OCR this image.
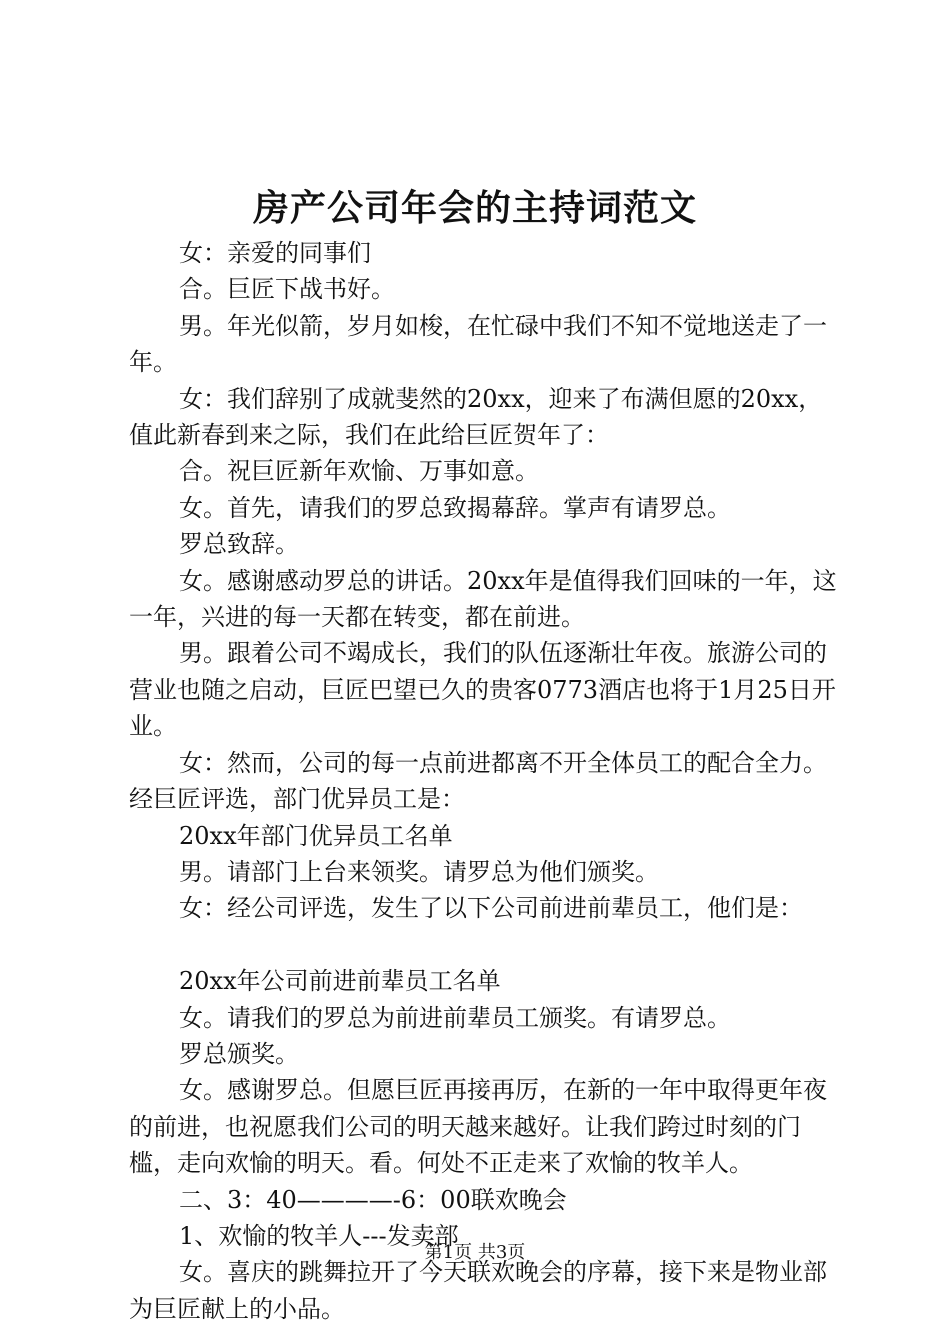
房产公司年会的主持词范文

女：亲爱的同事们

合。巨匠下战书好。

男。年光似箭，岁月如梭，在忙碌中我们不知不觉地送走了一年。

女：我们辞别了成就斐然的20xx，迎来了布满但愿的20xx，值此新春到来之际，我们在此给巨匠贺年了：

合。祝巨匠新年欢愉、万事如意。

女。首先，请我们的罗总致揭幕辞。掌声有请罗总。

罗总致辞。

女。感谢感动罗总的讲话。20xx年是值得我们回味的一年，这一年，兴进的每一天都在转变，都在前进。

男。跟着公司不竭成长，我们的队伍逐渐壮年夜。旅游公司的营业也随之启动，巨匠巴望已久的贵客0773酒店也将于1月25日开业。

女：然而，公司的每一点前进都离不开全体员工的配合全力。经巨匠评选，部门优异员工是：

20xx年部门优异员工名单

男。请部门上台来领奖。请罗总为他们颁奖。

女：经公司评选，发生了以下公司前进前辈员工，他们是：

20xx年公司前进前辈员工名单

女。请我们的罗总为前进前辈员工颁奖。有请罗总。

罗总颁奖。

女。感谢罗总。但愿巨匠再接再厉，在新的一年中取得更年夜的前进，也祝愿我们公司的明天越来越好。让我们跨过时刻的门槛，走向欢愉的明天。看。何处不正走来了欢愉的牧羊人。

二、3：40————-6：00联欢晚会

1、欢愉的牧羊人---发卖部

女。喜庆的跳舞拉开了今天联欢晚会的序幕，接下来是物业部为巨匠献上的小品。

第1页 共3页
